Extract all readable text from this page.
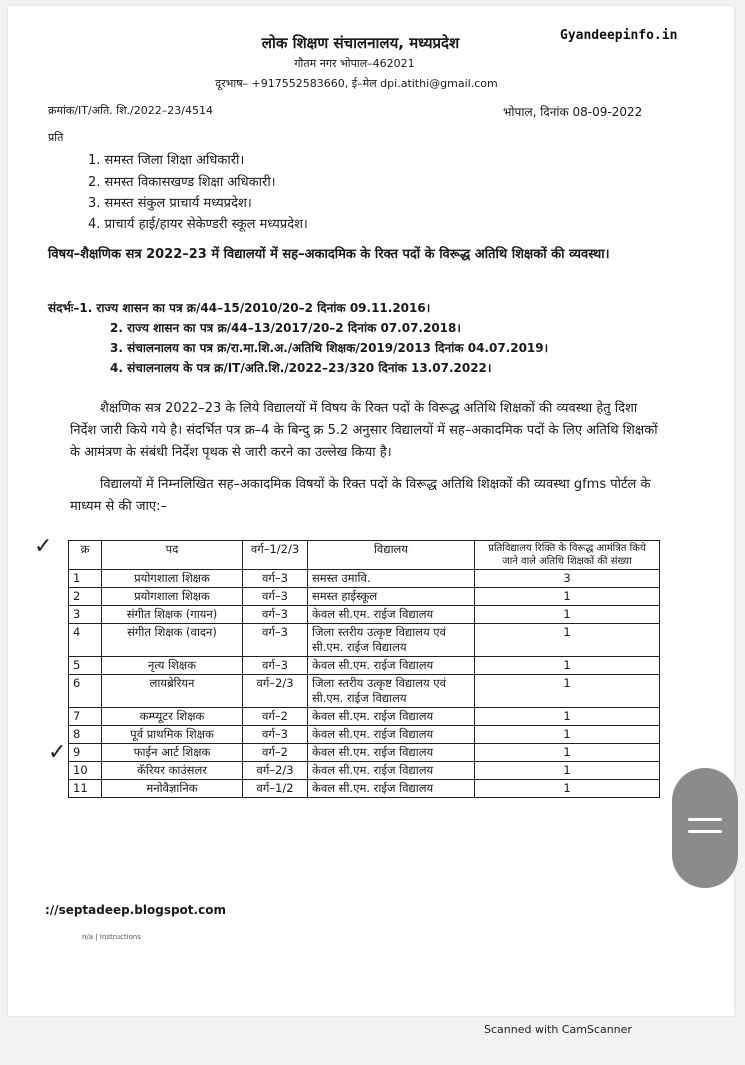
Gyandeepinfo.in
लोक शिक्षण संचालनालय, मध्यप्रदेश
गौतम नगर भोपाल–462021
दूरभाष– +917552583660, ई–मेल dpi.atithi@gmail.com
क्रमांक/IT/अति. शि./2022–23/4514	भोपाल, दिनांक 08-09-2022
प्रति
1. समस्त जिला शिक्षा अधिकारी।
2. समस्त विकासखण्ड शिक्षा अधिकारी।
3. समस्त संकुल प्राचार्य मध्यप्रदेश।
4. प्राचार्य हाई/हायर सेकेण्डरी स्कूल मध्यप्रदेश।
विषय–शैक्षणिक सत्र 2022–23 में विद्यालयों में सह–अकादमिक के रिक्त पदों के विरूद्ध अतिथि शिक्षकों की व्यवस्था।
संदर्भः–1. राज्य शासन का पत्र क्र/44–15/2010/20–2 दिनांक 09.11.2016।
2. राज्य शासन का पत्र क्र/44–13/2017/20–2 दिनांक 07.07.2018।
3. संचालनालय का पत्र क्र/रा.मा.शि.अ./अतिथि शिक्षक/2019/2013 दिनांक 04.07.2019।
4. संचालनालय के पत्र क्र/IT/अति.शि./2022–23/320 दिनांक 13.07.2022।
शैक्षणिक सत्र 2022–23 के लिये विद्यालयों में विषय के रिक्त पदों के विरूद्ध अतिथि शिक्षकों की व्यवस्था हेतु दिशा निर्देश जारी किये गये है। संदर्भित पत्र क्र–4 के बिन्दु क्र 5.2 अनुसार विद्यालयों में सह–अकादमिक पदों के लिए अतिथि शिक्षकों के आमंत्रण के संबंधी निर्देश पृथक से जारी करने का उल्लेख किया है।
विद्यालयों में निम्नलिखित सह–अकादमिक विषयों के रिक्त पदों के विरूद्ध अतिथि शिक्षकों की व्यवस्था gfms पोर्टल के माध्यम से की जाए:–
✓
✓
क्र	पद	वर्ग–1/2/3	विद्यालय	प्रतिविद्यालय रिक्ति के विरूद्ध आमंत्रित किये जाने वाले अतिथि शिक्षकों की संख्या
1	प्रयोगशाला शिक्षक	वर्ग–3	समस्त उमावि.	3
2	प्रयोगशाला शिक्षक	वर्ग–3	समस्त हाईस्कूल	1
3	संगीत शिक्षक (गायन)	वर्ग–3	केवल सी.एम. राईज विद्यालय	1
4	संगीत शिक्षक (वादन)	वर्ग–3	जिला स्तरीय उत्कृष्ट विद्यालय एवं सी.एम. राईज विद्यालय	1
5	नृत्य शिक्षक	वर्ग–3	केवल सी.एम. राईज विद्यालय	1
6	लायब्रेरियन	वर्ग–2/3	जिला स्तरीय उत्कृष्ट विद्यालय एवं सी.एम. राईज विद्यालय	1
7	कम्प्यूटर शिक्षक	वर्ग–2	केवल सी.एम. राईज विद्यालय	1
8	पूर्व प्राथमिक शिक्षक	वर्ग–3	केवल सी.एम. राईज विद्यालय	1
9	फाईन आर्ट शिक्षक	वर्ग–2	केवल सी.एम. राईज विद्यालय	1
10	कॅरियर काउंसलर	वर्ग–2/3	केवल सी.एम. राईज विद्यालय	1
11	मनोवैज्ञानिक	वर्ग–1/2	केवल सी.एम. राईज विद्यालय	1
://septadeep.blogspot.com
n/a | Instructions
Scanned with CamScanner
